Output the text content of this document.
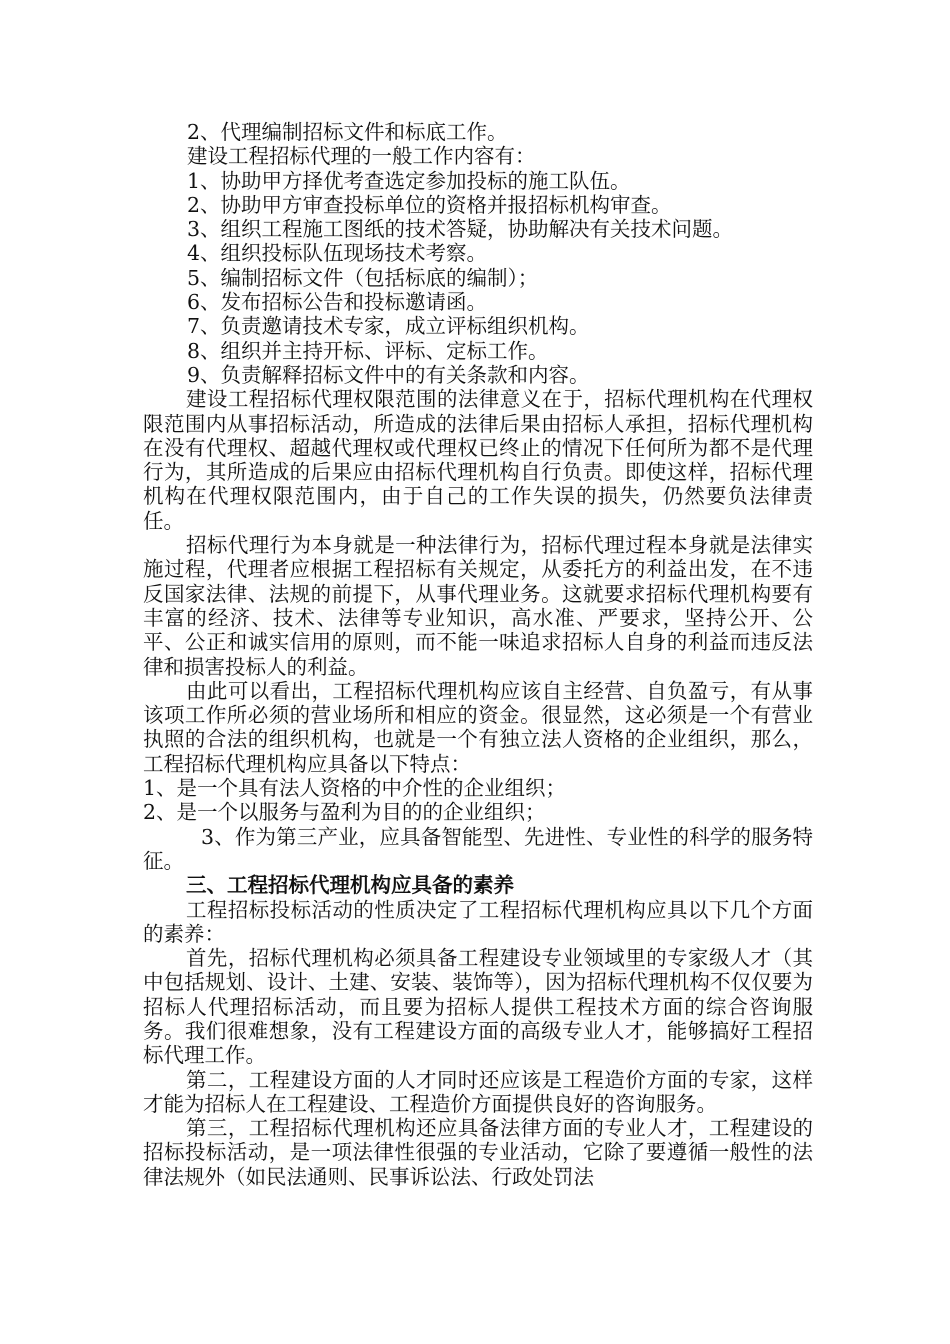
2、代理编制招标文件和标底工作。

建设工程招标代理的一般工作内容有：

1、协助甲方择优考查选定参加投标的施工队伍。

2、协助甲方审查投标单位的资格并报招标机构审查。

3、组织工程施工图纸的技术答疑，协助解决有关技术问题。

4、组织投标队伍现场技术考察。

5、编制招标文件（包括标底的编制）；

6、发布招标公告和投标邀请函。

7、负责邀请技术专家，成立评标组织机构。

8、组织并主持开标、评标、定标工作。

9、负责解释招标文件中的有关条款和内容。

建设工程招标代理权限范围的法律意义在于，招标代理机构在代理权限范围内从事招标活动，所造成的法律后果由招标人承担，招标代理机构在没有代理权、超越代理权或代理权已终止的情况下任何所为都不是代理行为，其所造成的后果应由招标代理机构自行负责。即使这样，招标代理机构在代理权限范围内，由于自己的工作失误的损失，仍然要负法律责任。

招标代理行为本身就是一种法律行为，招标代理过程本身就是法律实施过程，代理者应根据工程招标有关规定，从委托方的利益出发，在不违反国家法律、法规的前提下，从事代理业务。这就要求招标代理机构要有丰富的经济、技术、法律等专业知识，高水准、严要求，坚持公开、公平、公正和诚实信用的原则，而不能一味追求招标人自身的利益而违反法律和损害投标人的利益。

由此可以看出，工程招标代理机构应该自主经营、自负盈亏，有从事该项工作所必须的营业场所和相应的资金。很显然，这必须是一个有营业执照的合法的组织机构，也就是一个有独立法人资格的企业组织，那么，工程招标代理机构应具备以下特点：

1、是一个具有法人资格的中介性的企业组织；

2、是一个以服务与盈利为目的的企业组织；

3、作为第三产业，应具备智能型、先进性、专业性的科学的服务特征。

三、工程招标代理机构应具备的素养

工程招标投标活动的性质决定了工程招标代理机构应具以下几个方面的素养：

首先，招标代理机构必须具备工程建设专业领域里的专家级人才（其中包括规划、设计、土建、安装、装饰等），因为招标代理机构不仅仅要为招标人代理招标活动，而且要为招标人提供工程技术方面的综合咨询服务。我们很难想象，没有工程建设方面的高级专业人才，能够搞好工程招标代理工作。

第二，工程建设方面的人才同时还应该是工程造价方面的专家，这样才能为招标人在工程建设、工程造价方面提供良好的咨询服务。

第三，工程招标代理机构还应具备法律方面的专业人才，工程建设的招标投标活动，是一项法律性很强的专业活动，它除了要遵循一般性的法律法规外（如民法通则、民事诉讼法、行政处罚法
